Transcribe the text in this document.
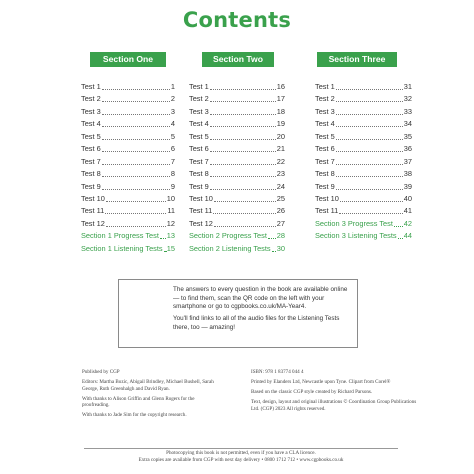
Contents
Section One
Test 1	1
Test 2	2
Test 3	3
Test 4	4
Test 5	5
Test 6	6
Test 7	7
Test 8	8
Test 9	9
Test 10	10
Test 11	11
Test 12	12
Section 1 Progress Test 13
Section 1 Listening Tests 15
Section Two
Test 1	16
Test 2	17
Test 3	18
Test 4	19
Test 5	20
Test 6	21
Test 7	22
Test 8	23
Test 9	24
Test 10	25
Test 11	26
Test 12	27
Section 2 Progress Test 28
Section 2 Listening Tests 30
Section Three
Test 1	31
Test 2	32
Test 3	33
Test 4	34
Test 5	35
Test 6	36
Test 7	37
Test 8	38
Test 9	39
Test 10	40
Test 11	41
Section 3 Progress Test 42
Section 3 Listening Tests 44

The answers to every question in the book are available online — to find them, scan the QR code on the left with your smartphone or go to cgpbooks.co.uk/MA-Year4.

You'll find links to all of the audio files for the Listening Tests there, too — amazing!

Published by CGP

Editors: Martha Bozic, Abigail Brindley, Michael Bushell, Sarah George, Ruth Greenhalgh and David Ryan.

With thanks to Alison Griffin and Glenn Rogers for the proofreading.

With thanks to Jade Sim for the copyright research.

ISBN: 978 1 83774 044 4

Printed by Elanders Ltd, Newcastle upon Tyne. Clipart from Corel®

Based on the classic CGP style created by Richard Parsons.

Text, design, layout and original illustrations © Coordination Group Publications Ltd. (CGP) 2023 All rights reserved.

Photocopying this book is not permitted, even if you have a CLA licence.
Extra copies are available from CGP with next day delivery • 0800 1712 712 • www.cgpbooks.co.uk
